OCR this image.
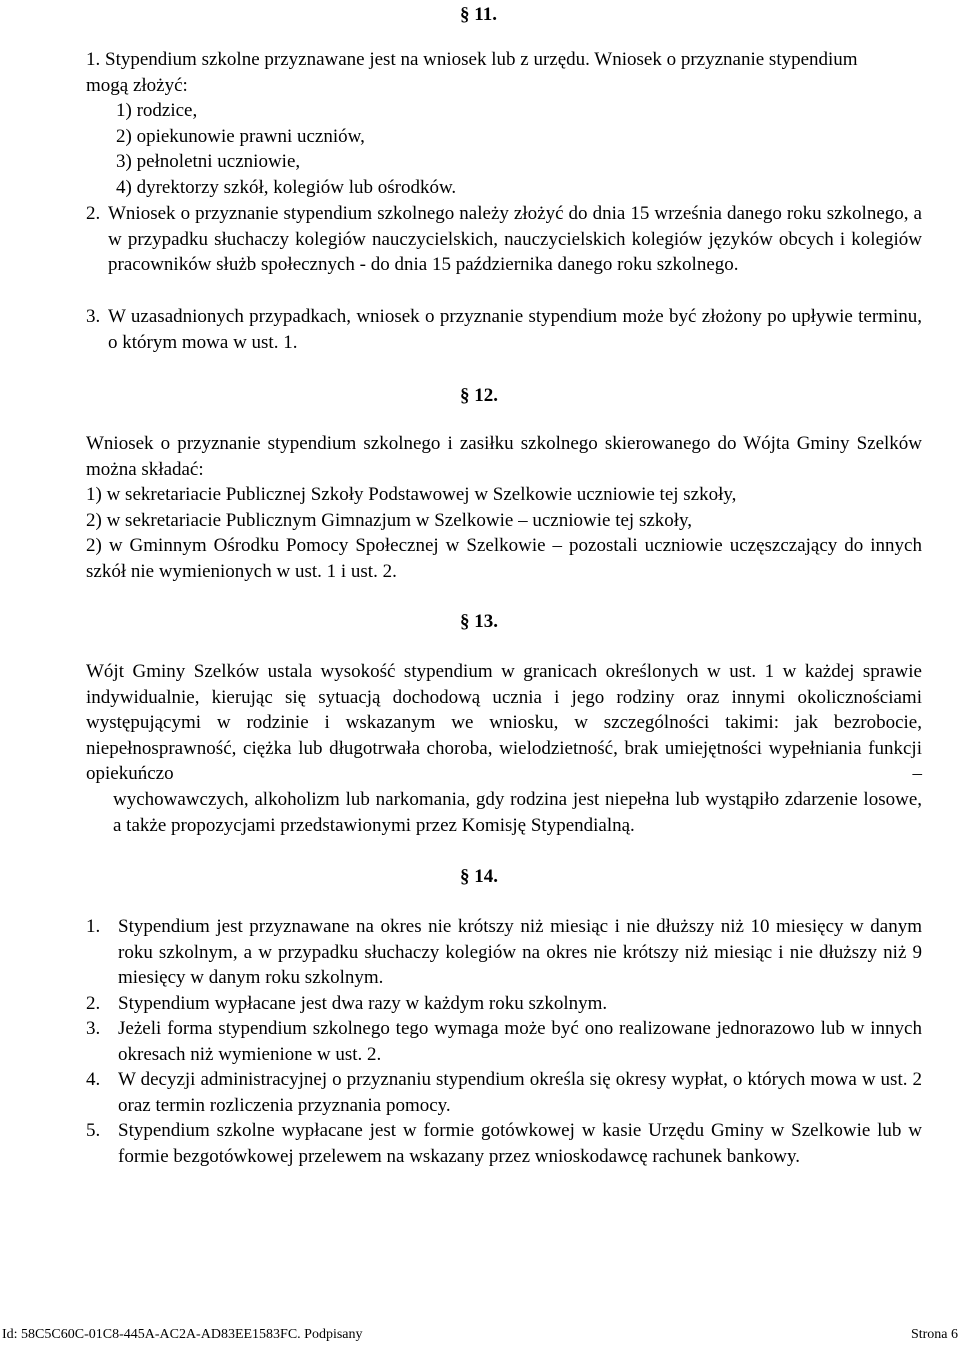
§ 11.
1. Stypendium szkolne przyznawane jest na wniosek lub z urzędu. Wniosek o przyznanie stypendium mogą złożyć:
1) rodzice,
2) opiekunowie prawni uczniów,
3) pełnoletni uczniowie,
4) dyrektorzy szkół, kolegiów lub ośrodków.
2. Wniosek o przyznanie stypendium szkolnego należy złożyć do dnia 15 września danego roku szkolnego, a w przypadku słuchaczy kolegiów nauczycielskich, nauczycielskich kolegiów języków obcych i kolegiów pracowników służb społecznych - do dnia 15 października danego roku szkolnego.
3. W uzasadnionych przypadkach, wniosek o przyznanie stypendium może być złożony po upływie terminu, o którym mowa w ust. 1.
§ 12.
Wniosek o przyznanie stypendium szkolnego i zasiłku szkolnego skierowanego do Wójta Gminy Szelków można składać:
1) w sekretariacie Publicznej Szkoły Podstawowej w Szelkowie uczniowie tej szkoły,
2) w sekretariacie Publicznym Gimnazjum w Szelkowie – uczniowie tej szkoły,
2) w Gminnym Ośrodku Pomocy Społecznej w Szelkowie – pozostali uczniowie uczęszczający do innych szkół nie wymienionych w ust. 1 i ust. 2.
§ 13.
Wójt Gminy Szelków ustala wysokość stypendium w granicach określonych w ust. 1 w każdej sprawie indywidualnie, kierując się sytuacją dochodową ucznia i jego rodziny oraz innymi okolicznościami występującymi w rodzinie i wskazanym we wniosku, w szczególności takimi: jak bezrobocie, niepełnosprawność, ciężka lub długotrwała choroba, wielodzietność, brak umiejętności wypełniania funkcji opiekuńczo –
wychowawczych, alkoholizm lub narkomania, gdy rodzina jest niepełna lub wystąpiło zdarzenie losowe, a także propozycjami przedstawionymi przez Komisję Stypendialną.
§ 14.
1. Stypendium jest przyznawane na okres nie krótszy niż miesiąc i nie dłuższy niż 10 miesięcy w danym roku szkolnym, a w przypadku słuchaczy kolegiów na okres nie krótszy niż miesiąc i nie dłuższy niż 9 miesięcy w danym roku szkolnym.
2. Stypendium wypłacane jest dwa razy w każdym roku szkolnym.
3. Jeżeli forma stypendium szkolnego tego wymaga może być ono realizowane jednorazowo lub w innych okresach niż wymienione w ust. 2.
4. W decyzji administracyjnej o przyznaniu stypendium określa się okresy wypłat, o których mowa w ust. 2 oraz termin rozliczenia przyznania pomocy.
5. Stypendium szkolne wypłacane jest w formie gotówkowej w kasie Urzędu Gminy w Szelkowie lub w formie bezgotówkowej przelewem na wskazany przez wnioskodawcę rachunek bankowy.
Id: 58C5C60C-01C8-445A-AC2A-AD83EE1583FC. Podpisany	Strona 6
